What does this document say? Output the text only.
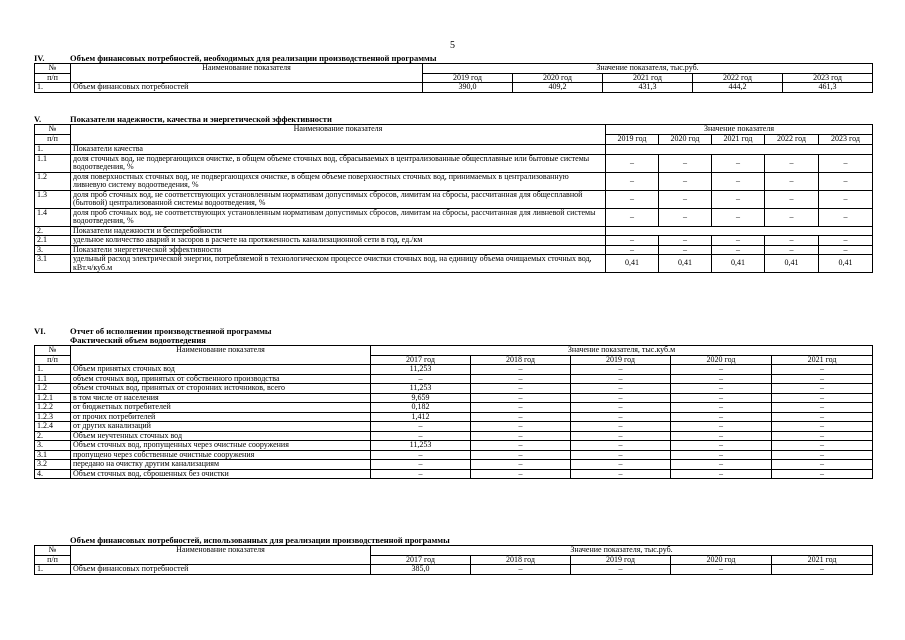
5
IV.	Объем финансовых потребностей, необходимых для реализации производственной программы
№	Наименование показателя	Значение показателя, тыс.руб.				
п/п		2019 год	2020 год	2021 год	2022 год	2023 год
1.	Объем финансовых потребностей	390,0	409,2	431,3	444,2	461,3
V.	Показатели надежности, качества и энергетической эффективности
№	Наименование показателя	Значение показателя				
п/п		2019 год	2020 год	2021 год	2022 год	2023 год
1.	Показатели качества					
1.1	доля сточных вод, не подвергающихся очистке, в общем объеме сточных вод, сбрасываемых в централизованные общесплавные или бытовые системы водоотведения, %	–	–	–	–	–
1.2	доля поверхностных сточных вод, не подвергающихся очистке, в общем объеме поверхностных сточных вод, принимаемых в централизованную ливневую систему водоотведения, %	–	–	–	–	–
1.3	доля проб сточных вод, не соответствующих установленным нормативам допустимых сбросов, лимитам на сбросы, рассчитанная для общесплавной (бытовой) централизованной системы водоотведения, %	–	–	–	–	–
1.4	доля проб сточных вод, не соответствующих установленным нормативам допустимых сбросов, лимитам на сбросы, рассчитанная для ливневой системы водоотведения, %	–	–	–	–	–
2.	Показатели надежности и бесперебойности					
2.1	удельное количество аварий и засоров в расчете на протяженность канализационной сети в год, ед./км	–	–	–	–	–
3.	Показатели энергетической эффективности	–	–	–	–	–
3.1	удельный расход электрической энергии, потребляемой в технологическом процессе очистки сточных вод, на единицу объема очищаемых сточных вод, кВт.ч/куб.м	0,41	0,41	0,41	0,41	0,41
VI.	Отчет об исполнении производственной программы
Фактический объем водоотведения
№	Наименование показателя	Значение показателя, тыс.куб.м				
п/п		2017 год	2018 год	2019 год	2020 год	2021 год
1.	Объем принятых сточных вод	11,253	–	–	–	–
1.1	объем сточных вод, принятых от собственного производства	–	–	–	–	–
1.2	объем сточных вод, принятых от сторонних источников, всего	11,253	–	–	–	–
1.2.1	в том числе от населения	9,659	–	–	–	–
1.2.2	от бюджетных потребителей	0,182	–	–	–	–
1.2.3	от прочих потребителей	1,412	–	–	–	–
1.2.4	от других канализаций	–	–	–	–	–
2.	Объем неучтенных сточных вод	–	–	–	–	–
3.	Объем сточных вод, пропущенных через очистные сооружения	11,253	–	–	–	–
3.1	пропущено через собственные очистные сооружения	–	–	–	–	–
3.2	передано на очистку другим канализациям	–	–	–	–	–
4.	Объем сточных вод, сброшенных без очистки	–	–	–	–	–
Объем финансовых потребностей, использованных для реализации производственной программы
№	Наименование показателя	Значение показателя, тыс.руб.				
п/п		2017 год	2018 год	2019 год	2020 год	2021 год
1.	Объем финансовых потребностей	385,0	–	–	–	–
